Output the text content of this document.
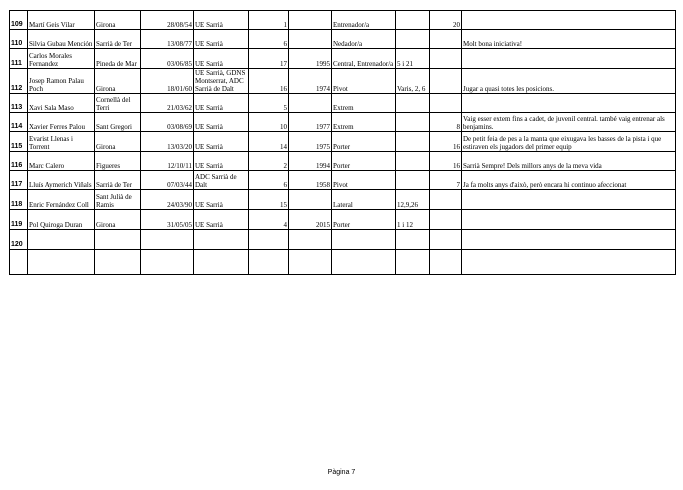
109	Martí Geis Vilar	Girona	28/08/54	UE Sarrià	1		Entrenador/a		20	
110	Silvia Gubau Mención	Sarrià de Ter	13/08/77	UE Sarrià	6		Nedador/a			Molt bona iniciativa!
111	Carlos Morales Fernandez	Pineda de Mar	03/06/85	UE Sarrià	17	1995	Central, Entrenador/a	5 i 21		
112	Josep Ramon Palau Poch	Girona	18/01/60	UE Sarrià, GDNS Montserrat, ADC Sarrià de Dalt	16	1974	Pivot	Varis, 2, 6		Jugar a quasi totes les posicions.
113	Xavi Sala Maso	Cornellà del Terri	21/03/62	UE Sarrià	5		Extrem			
114	Xavier Ferres Palou	Sant Gregori	03/08/69	UE Sarrià	10	1977	Extrem		8	Vaig esser extem fins a cadet, de juvenil central. també vaig entrenar als benjamins.
115	Evarist Llenas i Torrent	Girona	13/03/20	UE Sarrià	14	1975	Porter		16	De petit feia de pes a la manta que eixugava les basses de la pista i que estiraven els jugadors del primer equip
116	Marc Calero	Figueres	12/10/11	UE Sarrià	2	1994	Porter		16	Sarrià Sempre! Dels millors anys de la meva vida
117	Lluís Aymerich Viñals	Sarrià de Ter	07/03/44	ADC Sarrià de Dalt	6	1958	Pivot		7	Ja fa molts anys d'això, però encara hi continuo afeccionat
118	Enric Fernández Coll	Sant Julià de Ramis	24/03/90	UE Sarrià	15		Lateral	12,9,26		
119	Pol Quiroga Duran	Girona	31/05/05	UE Sarrià	4	2015	Porter	1 i 12		
120										

Pàgina 7
